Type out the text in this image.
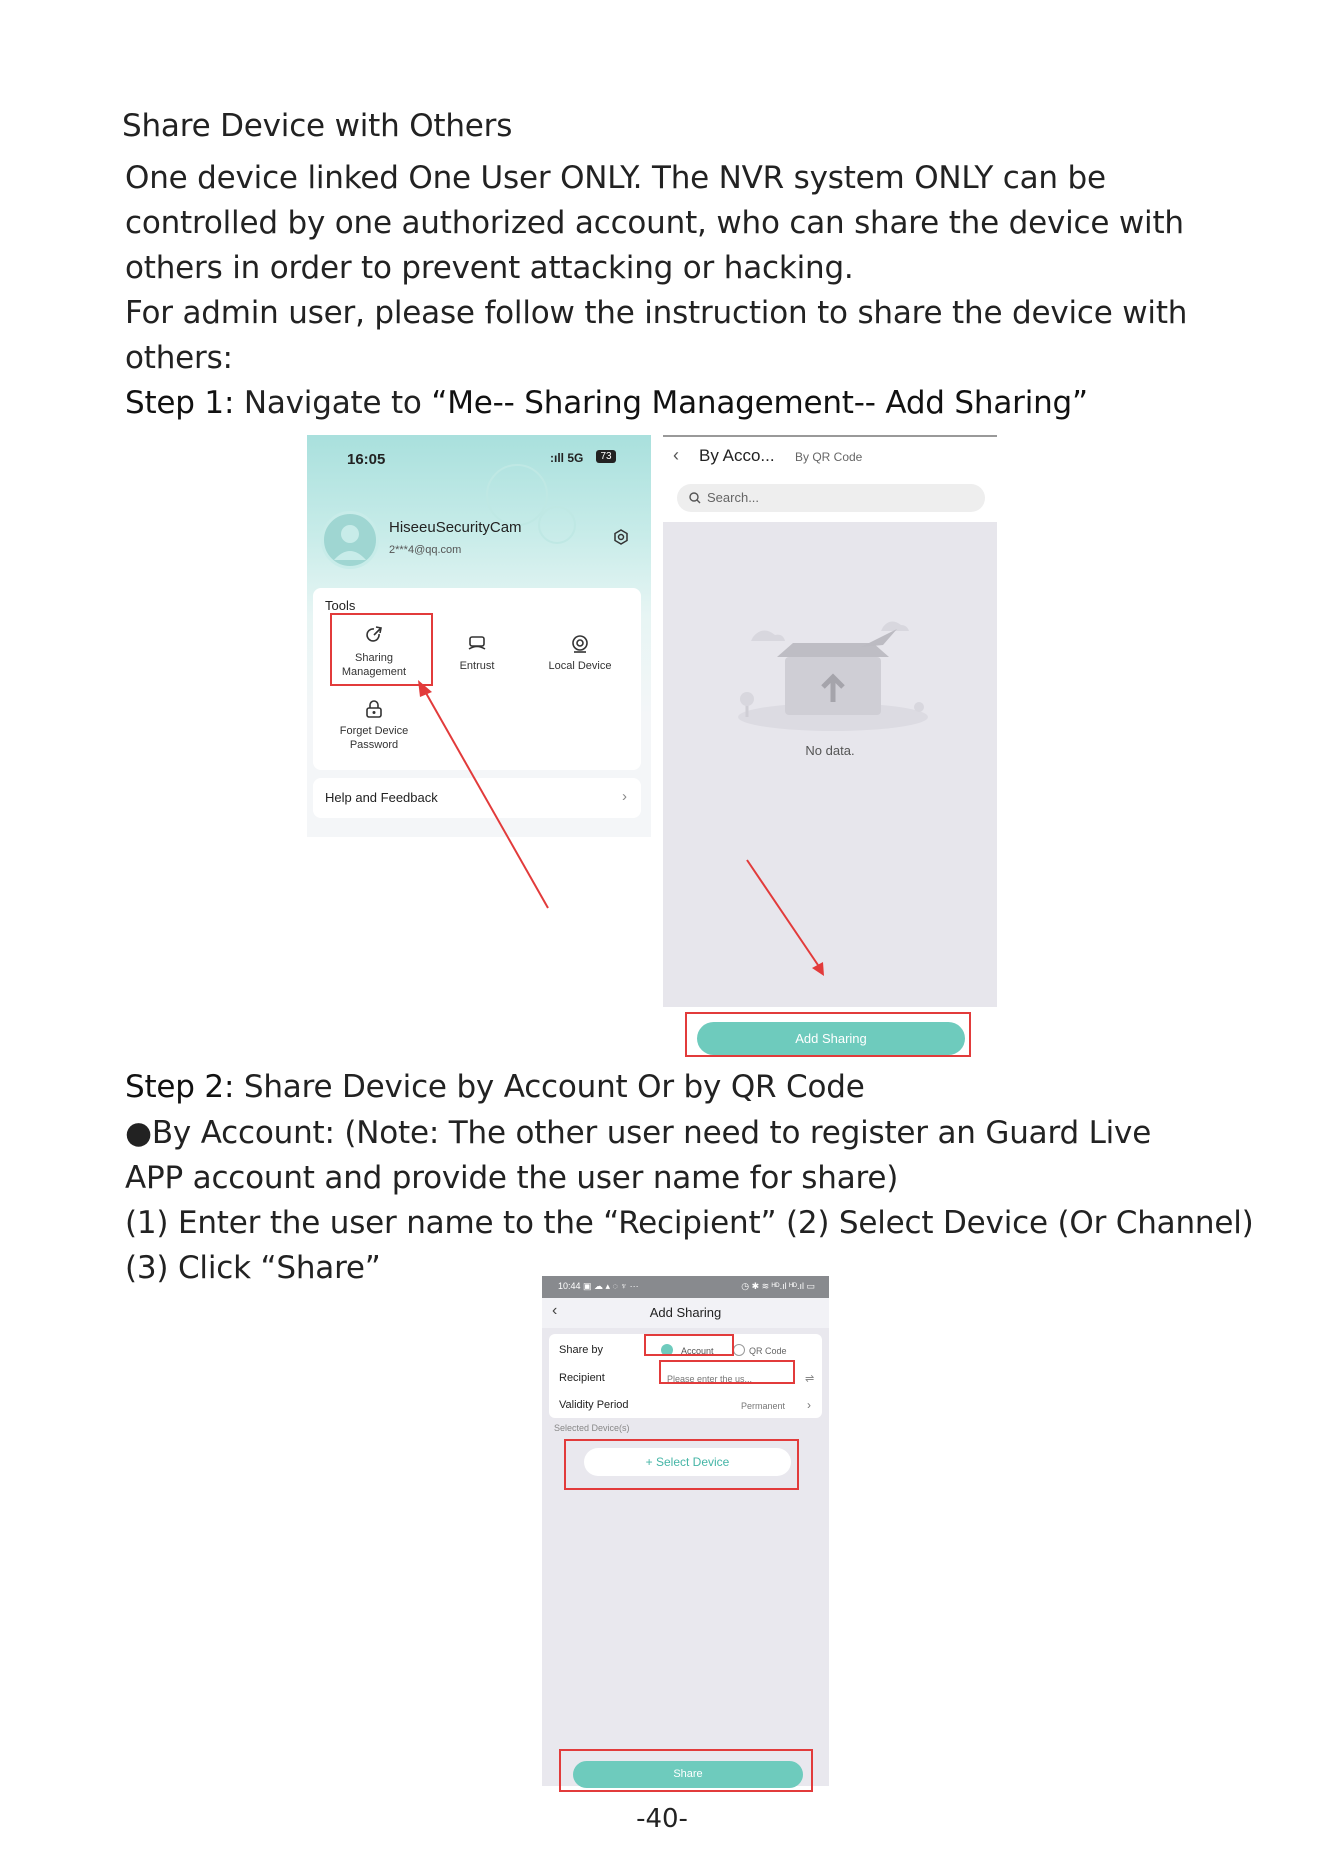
Share Device with Others
One device linked One User ONLY. The NVR system ONLY can be
controlled by one authorized account, who can share the device with
others in order to prevent attacking or hacking.
For admin user, please follow the instruction to share the device with
others:
Step 1: Navigate to “Me-- Sharing Management-- Add Sharing”
16:05	:ıll 5G	73
HiseeuSecurityCam
2***4@qq.com
Tools
Sharing
Management	Entrust	Local Device
Forget Device
Password
Help and Feedback	›
‹ By Acco... By QR Code
Search...
No data.
Add Sharing
Step 2: Share Device by Account Or by QR Code
●By Account: (Note: The other user need to register an Guard Live
APP account and provide the user name for share)
(1) Enter the user name to the “Recipient” (2) Select Device (Or Channel)
(3) Click “Share”	10:44 ▣ ☁ ▴ ◌ ♆ ···	◷ ✱ ≋ ᴴᴰ.ıl ᴴᴰ.ıl ▭
‹	Add Sharing
Share by	Account	QR Code
Recipient	Please enter the us...	⇌
Validity Period	Permanent ›
Selected Device(s)
+ Select Device
Share
-40-
